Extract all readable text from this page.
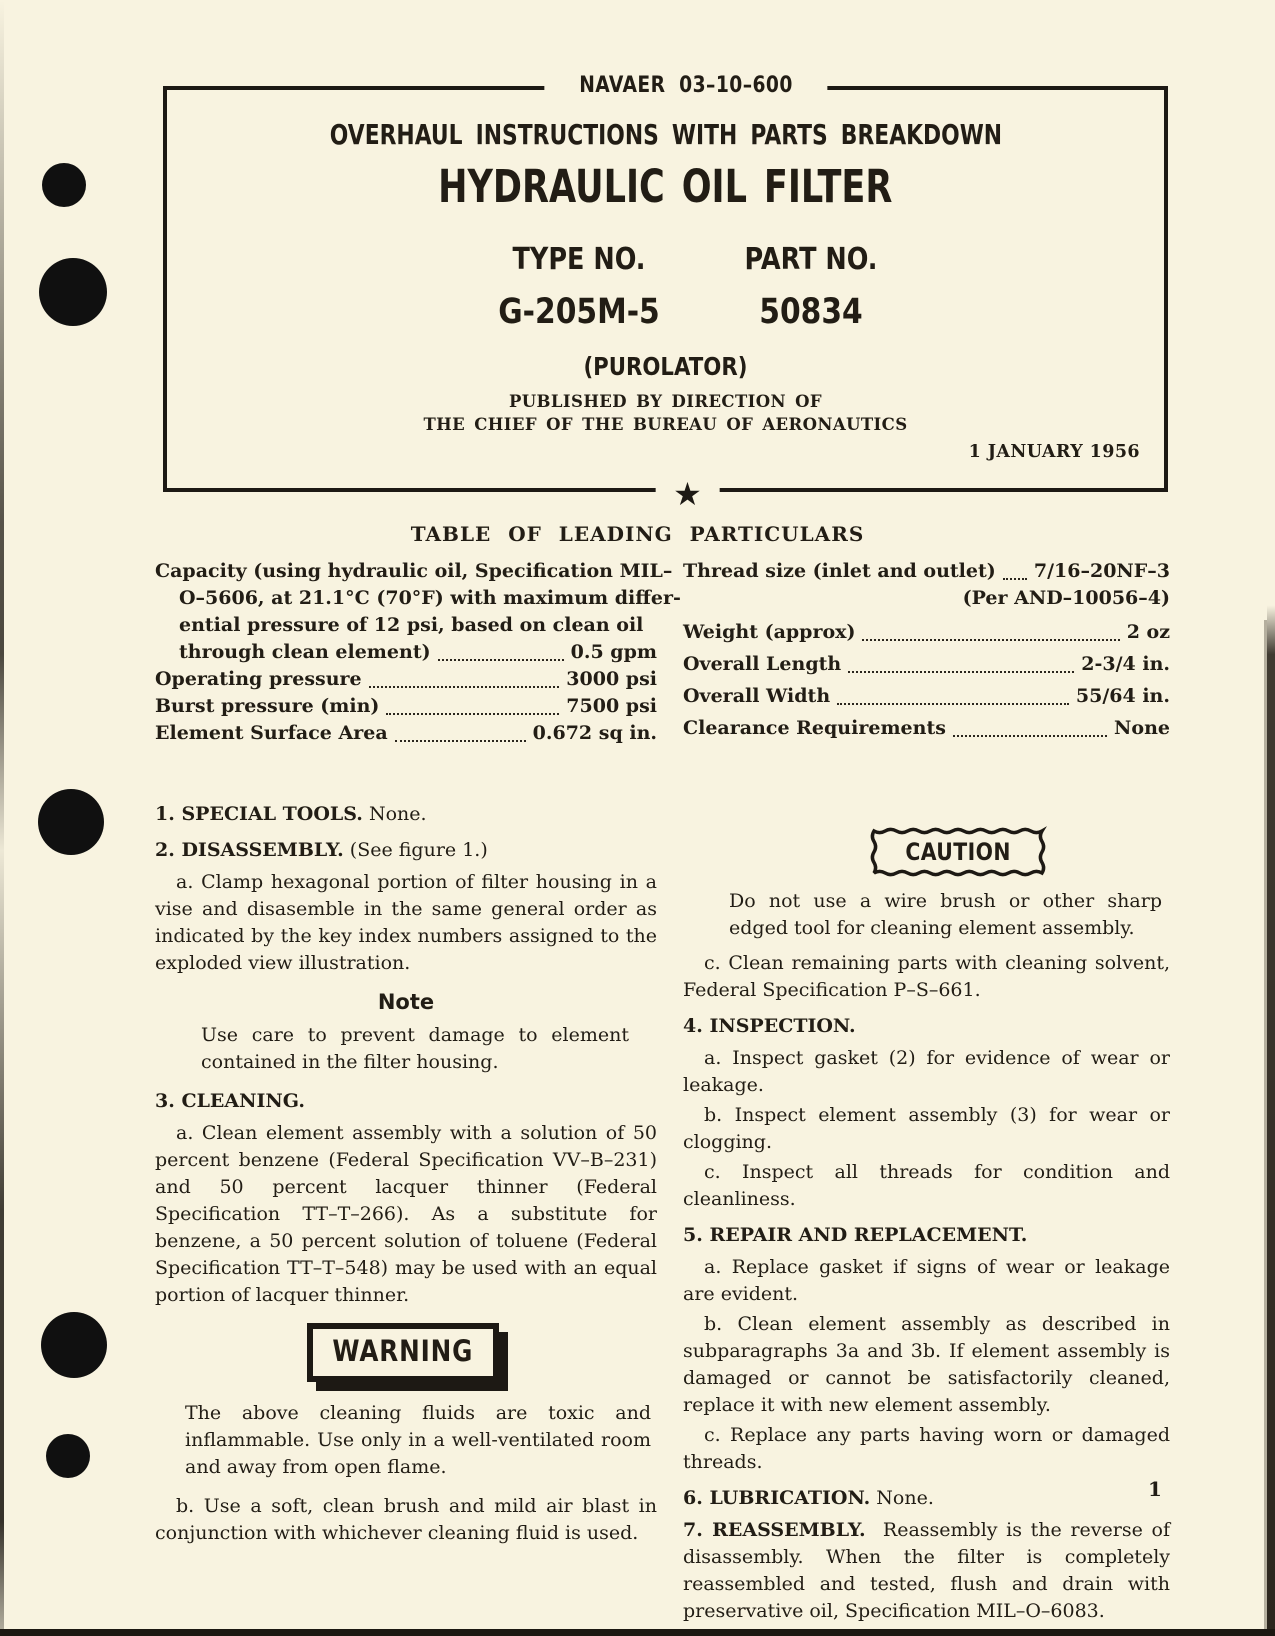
NAVAER 03–10–600
OVERHAUL INSTRUCTIONS WITH PARTS BREAKDOWN
HYDRAULIC OIL FILTER
TYPE NO.	PART NO.
G-205M-5	50834
(PUROLATOR)
PUBLISHED BY DIRECTION OF
THE CHIEF OF THE BUREAU OF AERONAUTICS
1 JANUARY 1956
★
TABLE OF LEADING PARTICULARS
Capacity (using hydraulic oil, Specification MIL–
O–5606, at 21.1°C (70°F) with maximum differ-
ential pressure of 12 psi, based on clean oil
through clean element)	0.5 gpm
Operating pressure	3000 psi
Burst pressure (min)	7500 psi
Element Surface Area	0.672 sq in.
Thread size (inlet and outlet) 7/16–20NF–3
(Per AND–10056–4)
Weight (approx)	2 oz
Overall Length	2-3/4 in.
Overall Width	55/64 in.
Clearance Requirements	None

1. SPECIAL TOOLS. None.

2. DISASSEMBLY. (See figure 1.)

a. Clamp hexagonal portion of filter housing in a vise and disasemble in the same general order as indicated by the key index numbers assigned to the exploded view illustration.

Note

Use care to prevent damage to element contained in the filter housing.

3. CLEANING.

a. Clean element assembly with a solution of 50 percent benzene (Federal Specification VV–B–231) and 50 percent lacquer thinner (Federal Specification TT–T–266). As a substitute for benzene, a 50 percent solution of toluene (Federal Specification TT–T–548) may be used with an equal portion of lacquer thinner.

WARNING

The above cleaning fluids are toxic and inflammable. Use only in a well-ventilated room and away from open flame.

b. Use a soft, clean brush and mild air blast in conjunction with whichever cleaning fluid is used.

CAUTION

Do not use a wire brush or other sharp edged tool for cleaning element assembly.

c. Clean remaining parts with cleaning solvent, Federal Specification P–S–661.

4. INSPECTION.

a. Inspect gasket (2) for evidence of wear or leakage.

b. Inspect element assembly (3) for wear or clogging.

c. Inspect all threads for condition and cleanliness.

5. REPAIR AND REPLACEMENT.

a. Replace gasket if signs of wear or leakage are evident.

b. Clean element assembly as described in subparagraphs 3a and 3b. If element assembly is damaged or cannot be satisfactorily cleaned, replace it with new element assembly.

c. Replace any parts having worn or damaged threads.

6. LUBRICATION. None.

7. REASSEMBLY. Reassembly is the reverse of disassembly. When the filter is completely reassembled and tested, flush and drain with preservative oil, Specification MIL–O–6083.

1
